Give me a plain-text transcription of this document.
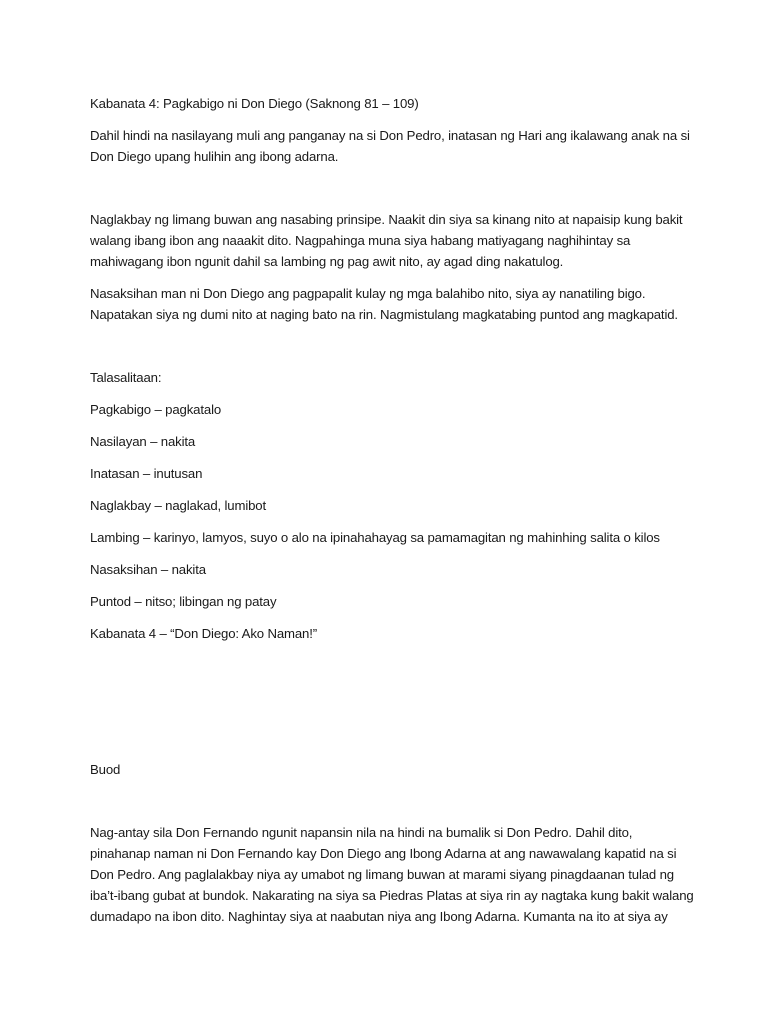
Kabanata 4: Pagkabigo ni Don Diego (Saknong 81 – 109)

Dahil hindi na nasilayang muli ang panganay na si Don Pedro, inatasan ng Hari ang ikalawang anak na si
Don Diego upang hulihin ang ibong adarna.

Naglakbay ng limang buwan ang nasabing prinsipe. Naakit din siya sa kinang nito at napaisip kung bakit
walang ibang ibon ang naaakit dito. Nagpahinga muna siya habang matiyagang naghihintay sa
mahiwagang ibon ngunit dahil sa lambing ng pag awit nito, ay agad ding nakatulog.

Nasaksihan man ni Don Diego ang pagpapalit kulay ng mga balahibo nito, siya ay nanatiling bigo.
Napatakan siya ng dumi nito at naging bato na rin. Nagmistulang magkatabing puntod ang magkapatid.

Talasalitaan:

Pagkabigo – pagkatalo

Nasilayan – nakita

Inatasan – inutusan

Naglakbay – naglakad, lumibot

Lambing – karinyo, lamyos, suyo o alo na ipinahahayag sa pamamagitan ng mahinhing salita o kilos

Nasaksihan – nakita

Puntod – nitso; libingan ng patay

Kabanata 4 – “Don Diego: Ako Naman!”

Buod

Nag-antay sila Don Fernando ngunit napansin nila na hindi na bumalik si Don Pedro. Dahil dito,
pinahanap naman ni Don Fernando kay Don Diego ang Ibong Adarna at ang nawawalang kapatid na si
Don Pedro. Ang paglalakbay niya ay umabot ng limang buwan at marami siyang pinagdaanan tulad ng
iba’t-ibang gubat at bundok. Nakarating na siya sa Piedras Platas at siya rin ay nagtaka kung bakit walang
dumadapo na ibon dito. Naghintay siya at naabutan niya ang Ibong Adarna. Kumanta na ito at siya ay
